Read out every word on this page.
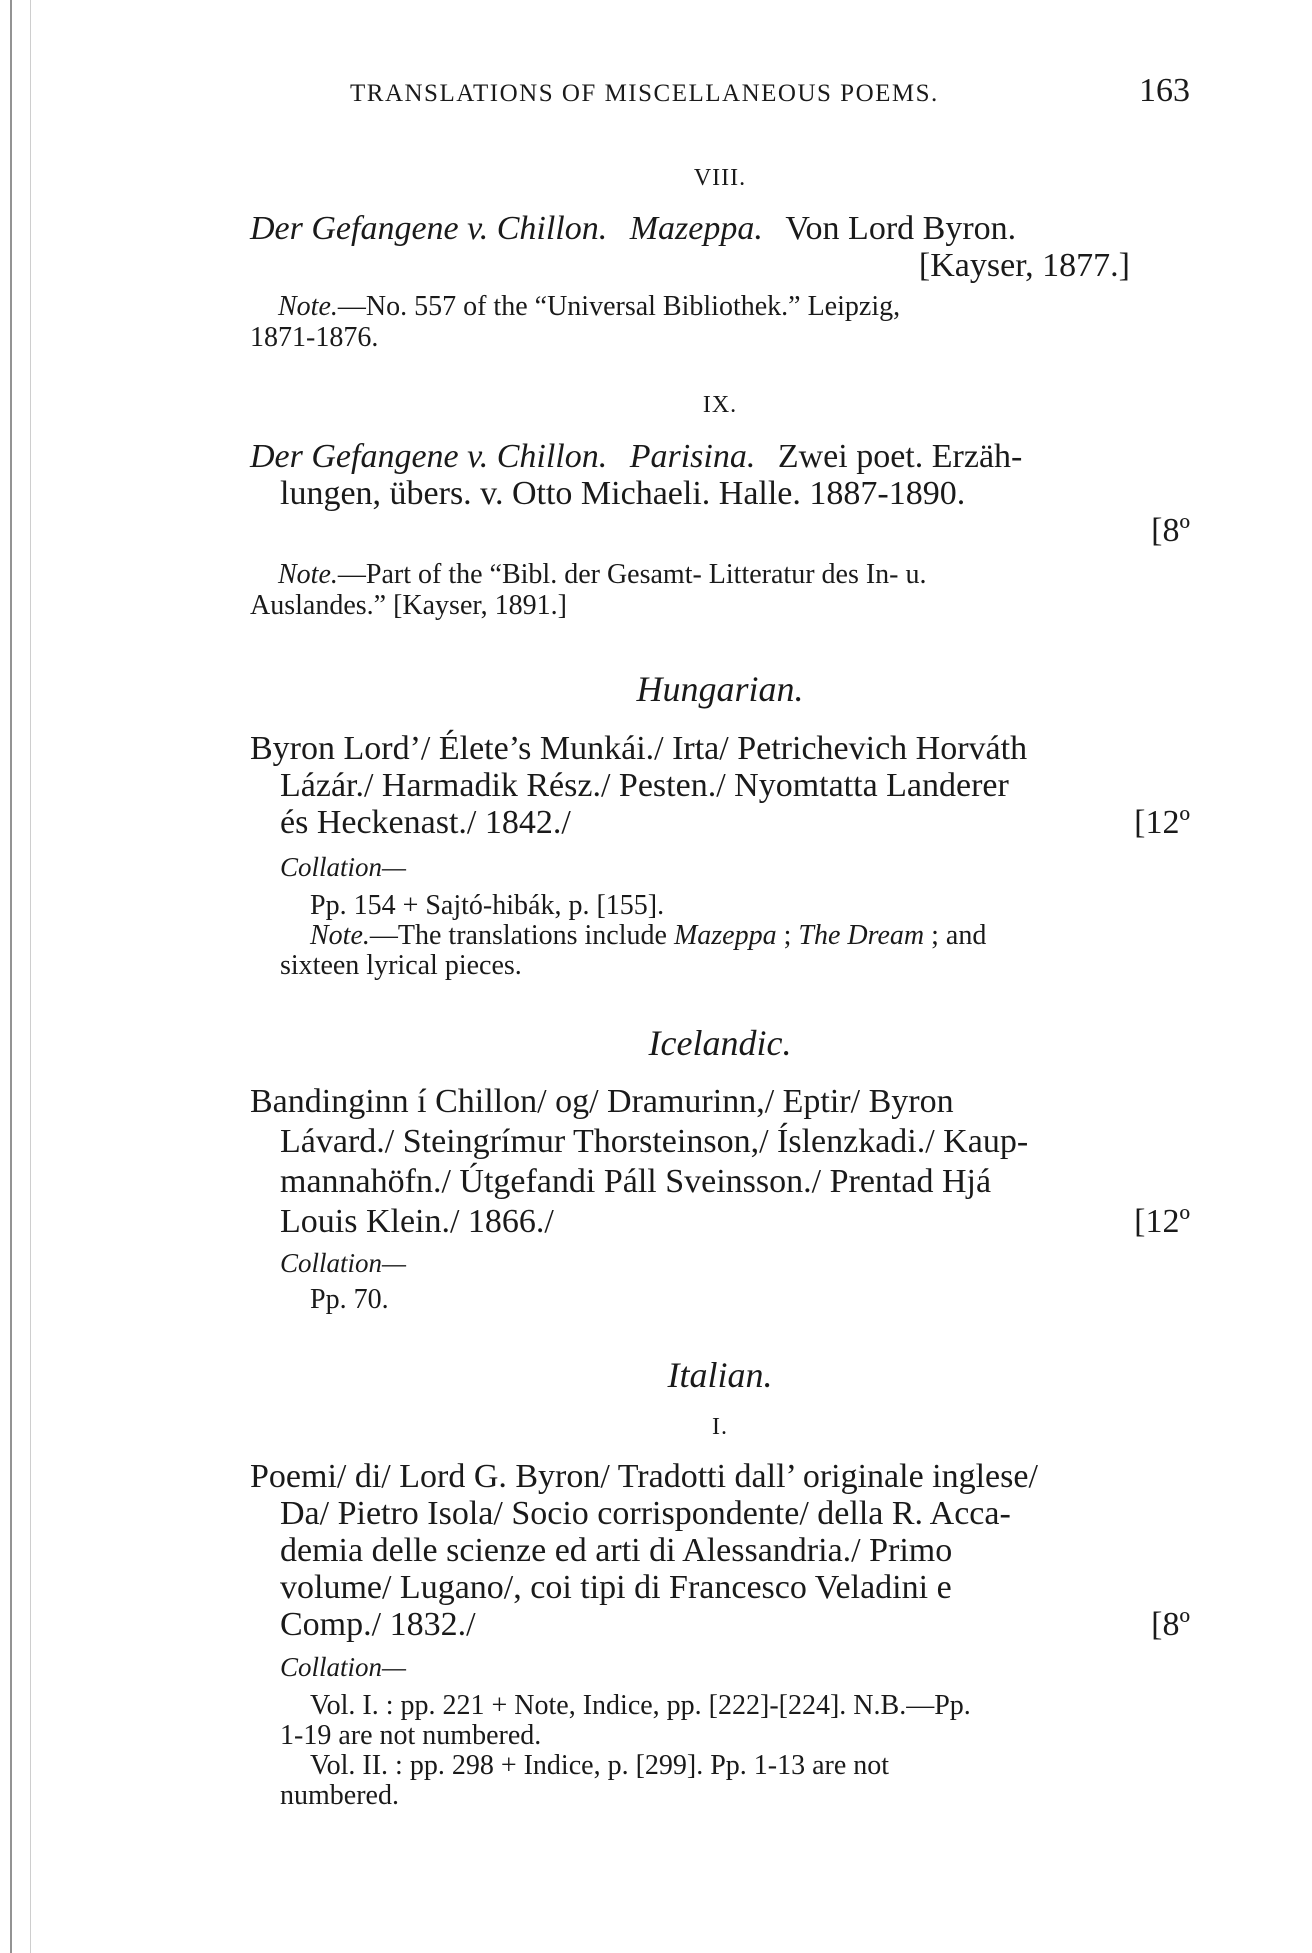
TRANSLATIONS OF MISCELLANEOUS POEMS.	163
VIII.
Der Gefangene v. Chillon. Mazeppa. Von Lord Byron.
[Kayser, 1877.]
Note.—No. 557 of the “Universal Bibliothek.” Leipzig,
1871-1876.
IX.
Der Gefangene v. Chillon. Parisina. Zwei poet. Erzäh-
lungen, übers. v. Otto Michaeli. Halle. 1887-1890.
[8º
Note.—Part of the “Bibl. der Gesamt- Litteratur des In- u.
Auslandes.” [Kayser, 1891.]
Hungarian.
Byron Lord’/ Élete’s Munkái./ Irta/ Petrichevich Horváth
Lázár./ Harmadik Rész./ Pesten./ Nyomtatta Landerer
és Heckenast./ 1842./	[12º
Collation—
Pp. 154 + Sajtó-hibák, p. [155].
Note.—The translations include Mazeppa ; The Dream ; and
sixteen lyrical pieces.
Icelandic.
Bandinginn í Chillon/ og/ Dramurinn,/ Eptir/ Byron
Lávard./ Steingrímur Thorsteinson,/ Íslenzkadi./ Kaup-
mannahöfn./ Útgefandi Páll Sveinsson./ Prentad Hjá
Louis Klein./ 1866./	[12º
Collation—
Pp. 70.
Italian.
I.
Poemi/ di/ Lord G. Byron/ Tradotti dall’ originale inglese/
Da/ Pietro Isola/ Socio corrispondente/ della R. Acca-
demia delle scienze ed arti di Alessandria./ Primo
volume/ Lugano/, coi tipi di Francesco Veladini e
Comp./ 1832./	[8º
Collation—
Vol. I. : pp. 221 + Note, Indice, pp. [222]-[224]. N.B.—Pp.
1-19 are not numbered.
Vol. II. : pp. 298 + Indice, p. [299]. Pp. 1-13 are not
numbered.
